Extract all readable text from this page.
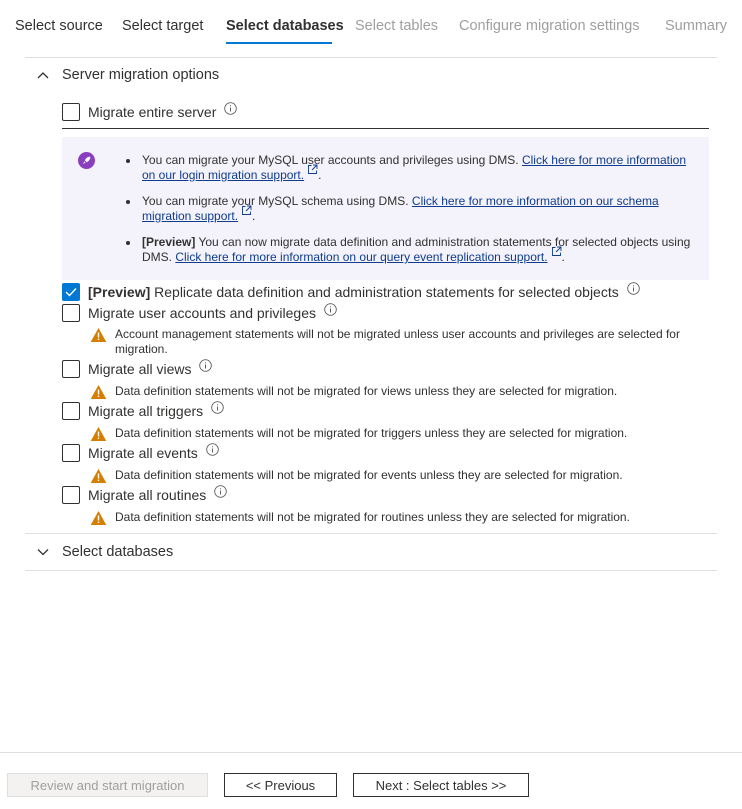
Select source Select target Select databases Select tables Configure migration settings Summary
Server migration options
Migrate entire server
You can migrate your MySQL user accounts and privileges using DMS. Click here for more information on our login migration support. .
You can migrate your MySQL schema using DMS. Click here for more information on our schema migration support. .
[Preview] You can now migrate data definition and administration statements for selected objects using DMS. Click here for more information on our query event replication support. .
[Preview] Replicate data definition and administration statements for selected objects
Migrate user accounts and privileges
Account management statements will not be migrated unless user accounts and privileges are selected for migration.
Migrate all views
Data definition statements will not be migrated for views unless they are selected for migration.
Migrate all triggers
Data definition statements will not be migrated for triggers unless they are selected for migration.
Migrate all events
Data definition statements will not be migrated for events unless they are selected for migration.
Migrate all routines
Data definition statements will not be migrated for routines unless they are selected for migration.
Select databases
Review and start migration	<< Previous	Next : Select tables >>
